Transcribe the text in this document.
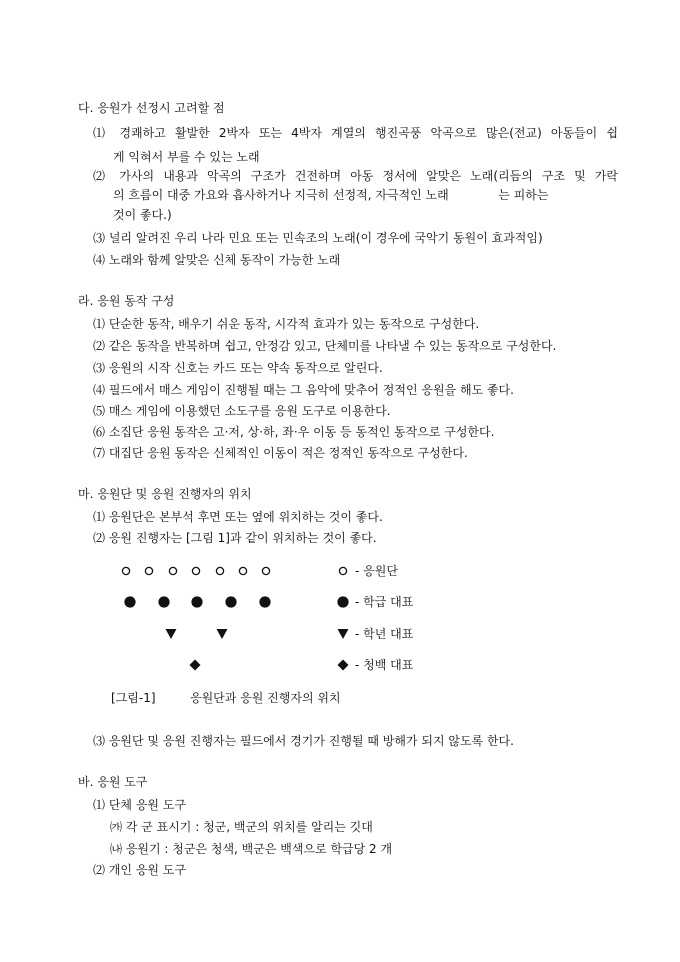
다. 응원가 선정시 고려할 점
⑴ 경쾌하고 활발한 2박자 또는 4박자 계열의 행진곡풍 악곡으로 많은(전교) 아동들이 쉽
게 익혀서 부를 수 있는 노래
⑵ 가사의 내용과 악곡의 구조가 건전하며 아동 정서에 알맞은 노래(리듬의 구조 및 가락
의 흐름이 대중 가요와 흡사하거나 지극히 선정적, 자극적인 노래             는 피하는
것이 좋다.)
⑶ 널리 알려진 우리 나라 민요 또는 민속조의 노래(이 경우에 국악기 동원이 효과적임)
⑷ 노래와 함께 알맞은 신체 동작이 가능한 노래
라. 응원 동작 구성
⑴ 단순한 동작, 배우기 쉬운 동작, 시각적 효과가 있는 동작으로 구성한다.
⑵ 같은 동작을 반복하며 쉽고, 안정감 있고, 단체미를 나타낼 수 있는 동작으로 구성한다.
⑶ 응원의 시작 신호는 카드 또는 약속 동작으로 알린다.
⑷ 필드에서 매스 게임이 진행될 때는 그 음악에 맞추어 정적인 응원을 해도 좋다.
⑸ 매스 게임에 이용했던 소도구를 응원 도구로 이용한다.
⑹ 소집단 응원 동작은 고·저, 상·하, 좌·우 이동 등 동적인 동작으로 구성한다.
⑺ 대집단 응원 동작은 신체적인 이동이 적은 정적인 동작으로 구성한다.
마. 응원단 및 응원 진행자의 위치
⑴ 응원단은 본부석 후면 또는 옆에 위치하는 것이 좋다.
⑵ 응원 진행자는 [그림 1]과 같이 위치하는 것이 좋다.
- 응원단
- 학급 대표
- 학년 대표
- 청백 대표
[그림-1]	응원단과 응원 진행자의 위치
⑶ 응원단 및 응원 진행자는 필드에서 경기가 진행될 때 방해가 되지 않도록 한다.
바. 응원 도구
⑴ 단체 응원 도구
㈎ 각 군 표시기 : 청군, 백군의 위치를 알리는 깃대
㈏ 응원기 : 청군은 청색, 백군은 백색으로 학급당 2 개
⑵ 개인 응원 도구
